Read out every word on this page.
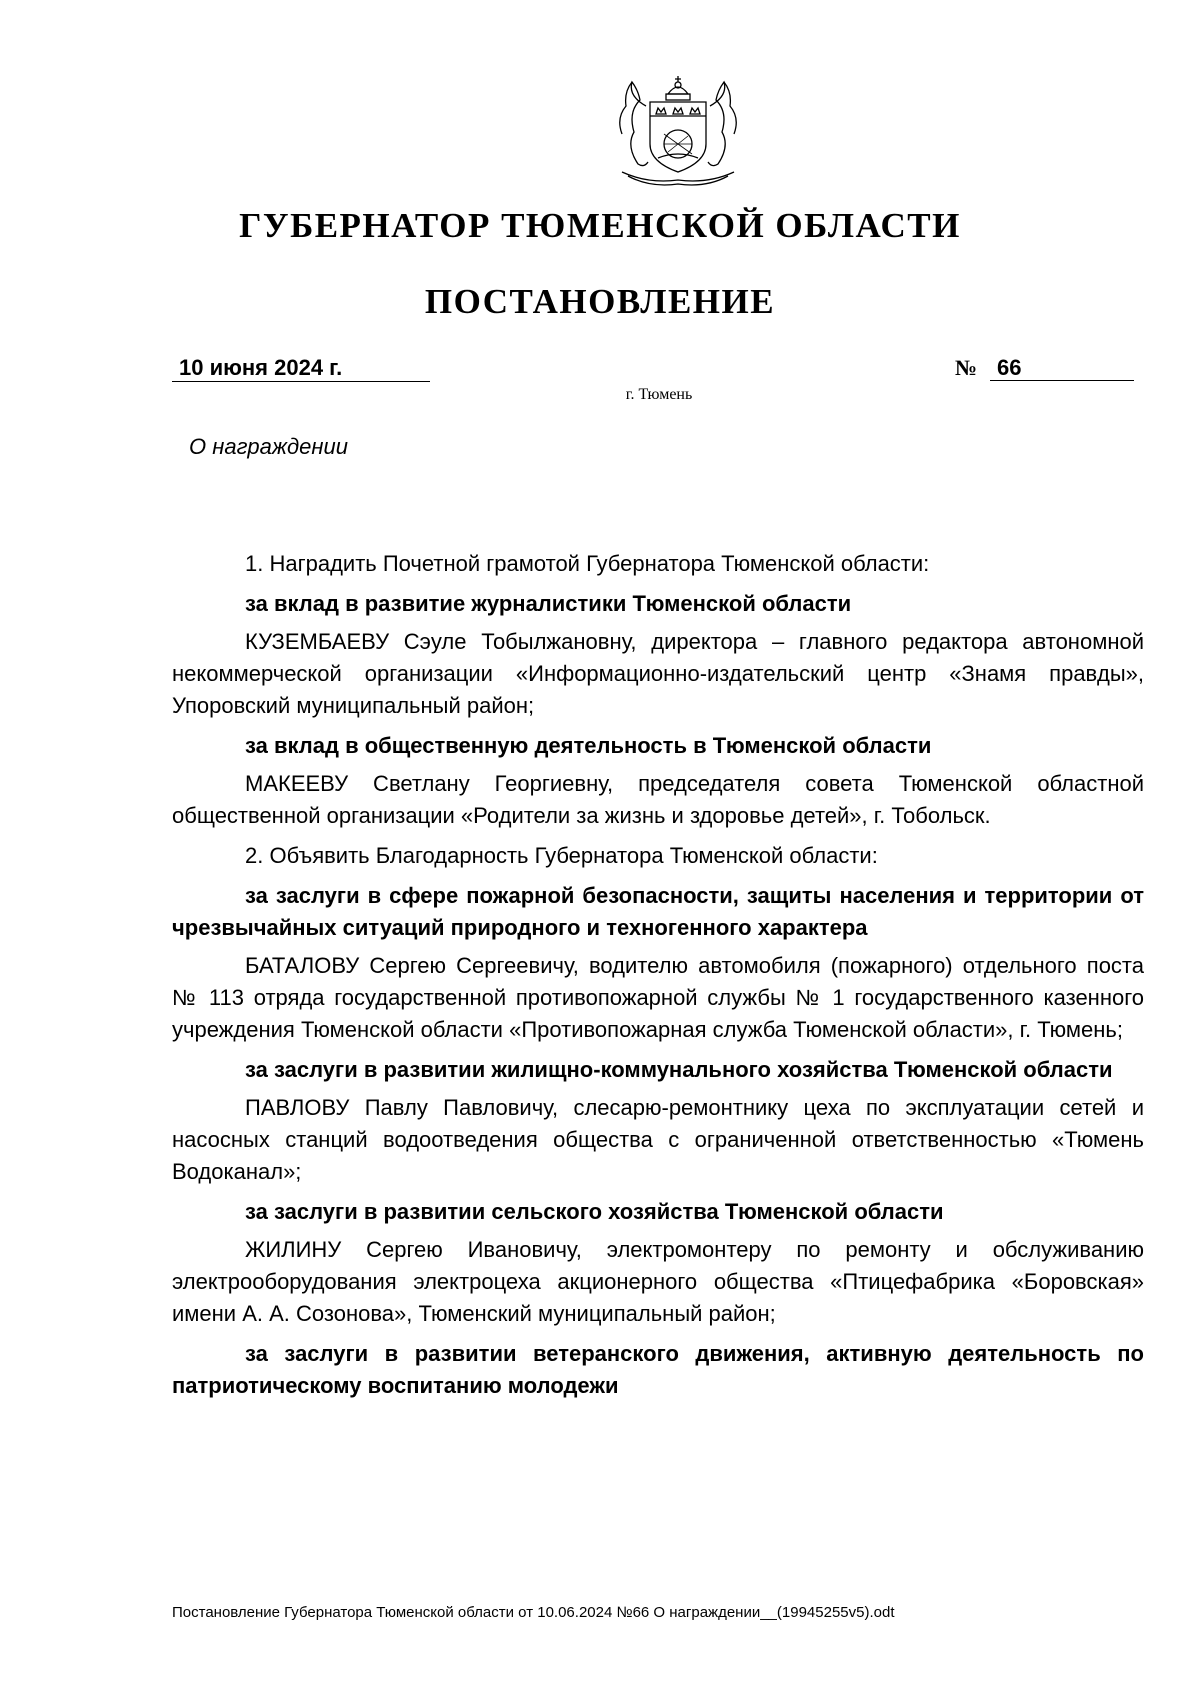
ГУБЕРНАТОР ТЮМЕНСКОЙ ОБЛАСТИ
ПОСТАНОВЛЕНИЕ
10 июня 2024 г.	№ 66
г. Тюмень
О награждении

1. Наградить Почетной грамотой Губернатора Тюменской области:

за вклад в развитие журналистики Тюменской области

КУЗЕМБАЕВУ Сэуле Тобылжановну, директора – главного редактора автономной некоммерческой организации «Информационно-издательский центр «Знамя правды», Упоровский муниципальный район;

за вклад в общественную деятельность в Тюменской области

МАКЕЕВУ Светлану Георгиевну, председателя совета Тюменской областной общественной организации «Родители за жизнь и здоровье детей», г. Тобольск.

2. Объявить Благодарность Губернатора Тюменской области:

за заслуги в сфере пожарной безопасности, защиты населения и территории от чрезвычайных ситуаций природного и техногенного характера

БАТАЛОВУ Сергею Сергеевичу, водителю автомобиля (пожарного) отдельного поста № 113 отряда государственной противопожарной службы № 1 государственного казенного учреждения Тюменской области «Противопожарная служба Тюменской области», г. Тюмень;

за заслуги в развитии жилищно-коммунального хозяйства Тюменской области

ПАВЛОВУ Павлу Павловичу, слесарю-ремонтнику цеха по эксплуатации сетей и насосных станций водоотведения общества с ограниченной ответственностью «Тюмень Водоканал»;

за заслуги в развитии сельского хозяйства Тюменской области

ЖИЛИНУ Сергею Ивановичу, электромонтеру по ремонту и обслуживанию электрооборудования электроцеха акционерного общества «Птицефабрика «Боровская» имени А. А. Созонова», Тюменский муниципальный район;

за заслуги в развитии ветеранского движения, активную деятельность по патриотическому воспитанию молодежи

Постановление Губернатора Тюменской области от 10.06.2024 №66 О награждении__(19945255v5).odt
